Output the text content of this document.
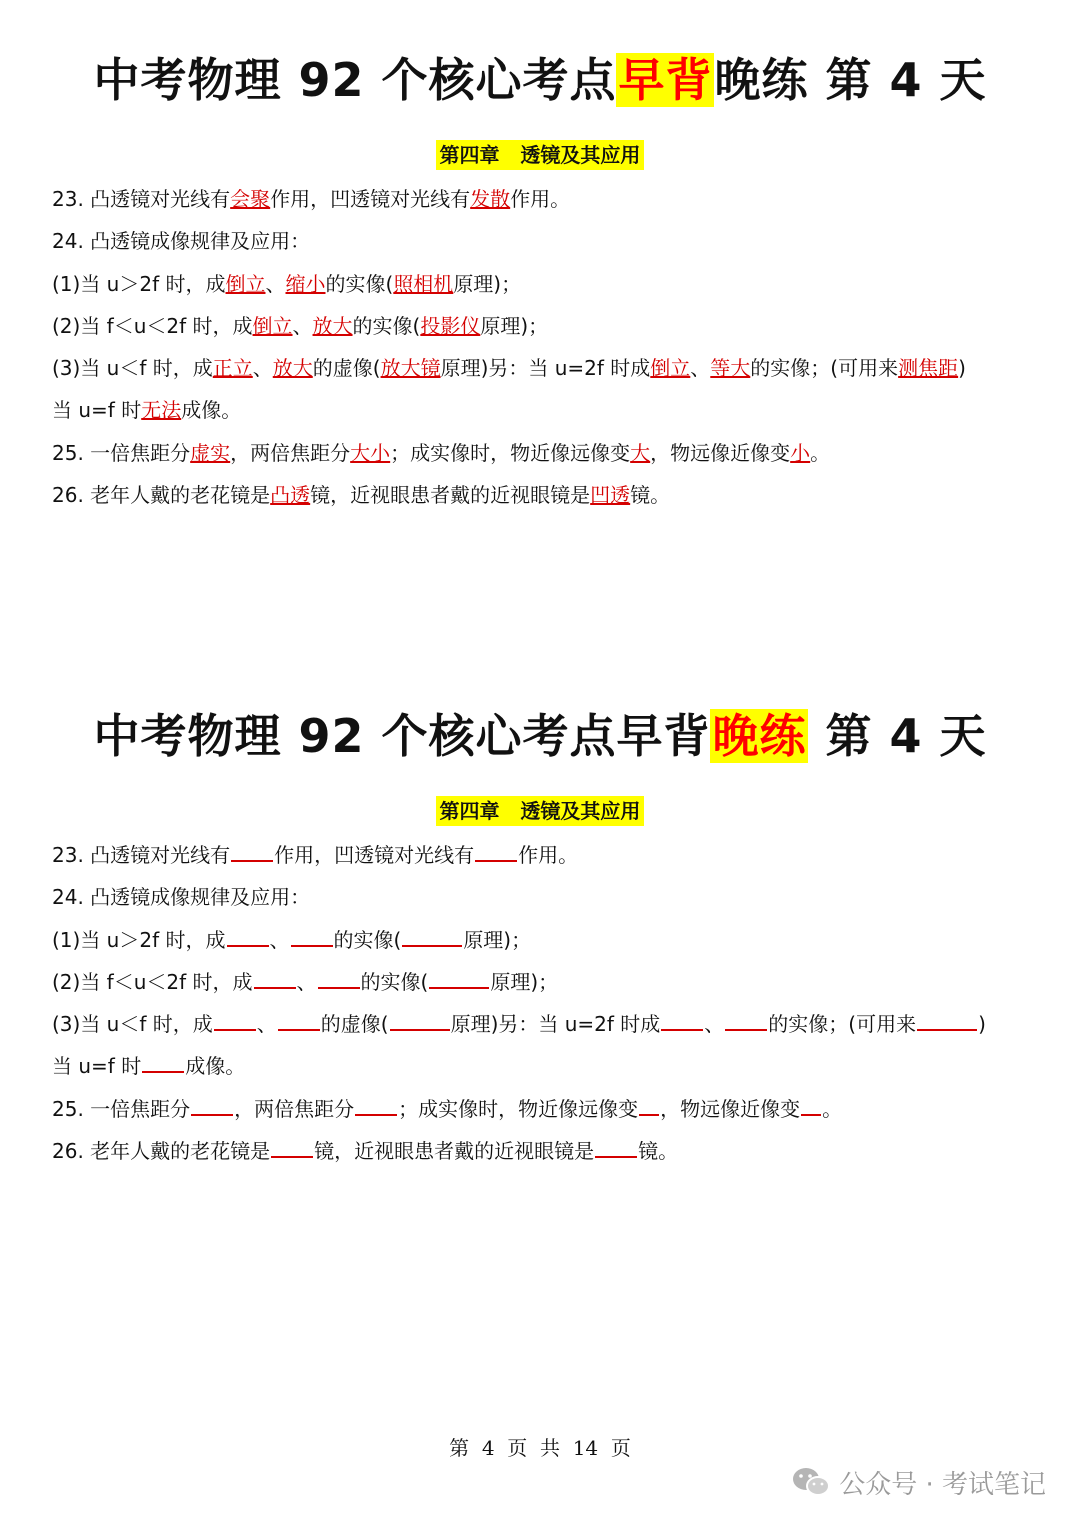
中考物理 92 个核心考点早背晚练 第 4 天
第四章   透镜及其应用
23. 凸透镜对光线有会聚作用，凹透镜对光线有发散作用。
24. 凸透镜成像规律及应用：
(1)当 u＞2f 时，成倒立、缩小的实像(照相机原理)；
(2)当 f＜u＜2f 时，成倒立、放大的实像(投影仪原理)；
(3)当 u＜f 时，成正立、放大的虚像(放大镜原理)另：当 u=2f 时成倒立、等大的实像；(可用来测焦距)
当 u=f 时无法成像。
25. 一倍焦距分虚实，两倍焦距分大小；成实像时，物近像远像变大，物远像近像变小。
26. 老年人戴的老花镜是凸透镜，近视眼患者戴的近视眼镜是凹透镜。
中考物理 92 个核心考点早背晚练 第 4 天
第四章   透镜及其应用
23. 凸透镜对光线有 作用，凹透镜对光线有 作用。
24. 凸透镜成像规律及应用：
(1)当 u＞2f 时，成 、 的实像(	原理)；
(2)当 f＜u＜2f 时，成 、 的实像(	原理)；
(3)当 u＜f 时，成 、 的虚像(	原理)另：当 u=2f 时成 、 的实像；(可用来	)
当 u=f 时 成像。
25. 一倍焦距分 ，两倍焦距分 ；成实像时，物近像远像变 ，物远像近像变 。
26. 老年人戴的老花镜是 镜，近视眼患者戴的近视眼镜是 镜。
第  4  页  共  14  页
公众号 · 考试笔记
